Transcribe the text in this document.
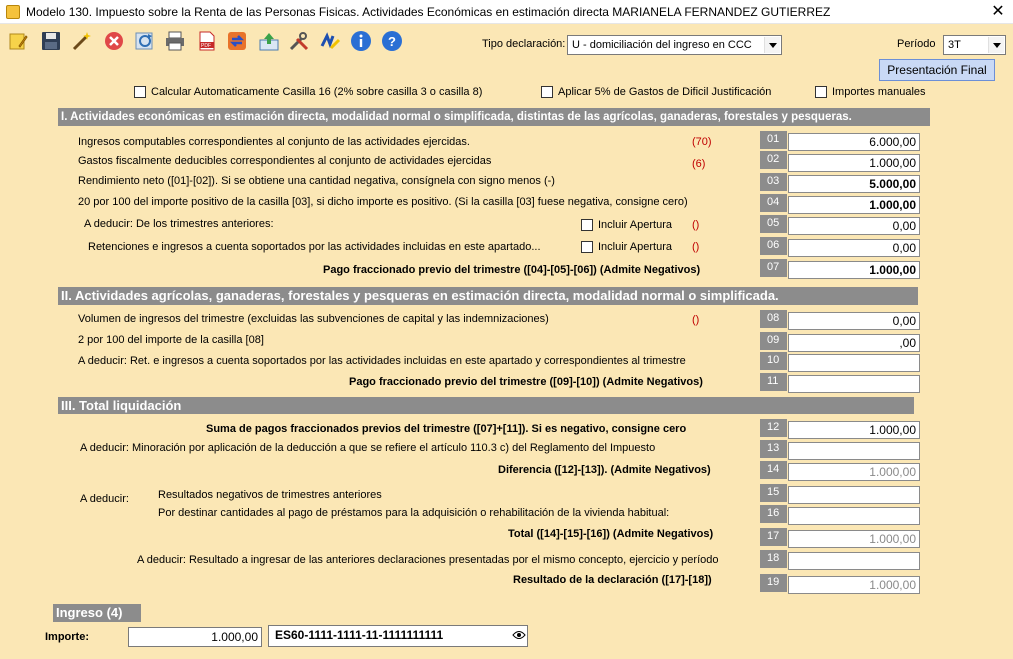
Modelo 130. Impuesto sobre la Renta de las Personas Fisicas. Actividades Económicas en estimación directa MARIANELA FERNANDEZ GUTIERREZ	✕
PDF	?	Tipo declaración: U - domiciliación del ingreso en CCC	Período 3T
Presentación Final
Calcular Automaticamente Casilla 16 (2% sobre casilla 3 o casilla 8)	Aplicar 5% de Gastos de Dificil Justificación	Importes manuales
I. Actividades económicas en estimación directa, modalidad normal o simplificada, distintas de las agrícolas, ganaderas, forestales y pesqueras.
Ingresos computables correspondientes al conjunto de las actividades ejercidas.	(70)	01	6.000,00
Gastos fiscalmente deducibles correspondientes al conjunto de actividades ejercidas	(6)	02	1.000,00
Rendimiento neto ([01]-[02]). Si se obtiene una cantidad negativa, consígnela con signo menos (-)	03	5.000,00
20 por 100 del importe positivo de la casilla [03], si dicho importe es positivo. (Si la casilla [03] fuese negativa, consigne cero)	04	1.000,00
A deducir: De los trimestres anteriores:	Incluir Apertura ()	05	0,00
Retenciones e ingresos a cuenta soportados por las actividades incluidas en este apartado...	Incluir Apertura ()	06	0,00
Pago fraccionado previo del trimestre ([04]-[05]-[06]) (Admite Negativos)	07	1.000,00
II. Actividades agrícolas, ganaderas, forestales y pesqueras en estimación directa, modalidad normal o simplificada.
Volumen de ingresos del trimestre (excluidas las subvenciones de capital y las indemnizaciones)	()	08	0,00
2 por 100 del importe de la casilla [08]	09	,00
A deducir: Ret. e ingresos a cuenta soportados por las actividades incluidas en este apartado y correspondientes al trimestre	10
Pago fraccionado previo del trimestre ([09]-[10]) (Admite Negativos)	11
III. Total liquidación
Suma de pagos fraccionados previos del trimestre ([07]+[11]). Si es negativo, consigne cero	12	1.000,00
A deducir: Minoración por aplicación de la deducción a que se refiere el artículo 110.3 c) del Reglamento del Impuesto	13
Diferencia ([12]-[13]). (Admite Negativos)	14	1.000,00
A deducir:	Resultados negativos de trimestres anteriores	15
Por destinar cantidades al pago de préstamos para la adquisición o rehabilitación de la vivienda habitual:	16
Total ([14]-[15]-[16]) (Admite Negativos)	17	1.000,00
A deducir: Resultado a ingresar de las anteriores declaraciones presentadas por el mismo concepto, ejercicio y período	18
Resultado de la declaración ([17]-[18])	19	1.000,00
Ingreso (4)
Importe:	1.000,00	ES60-1111-1111-11-1111111111
